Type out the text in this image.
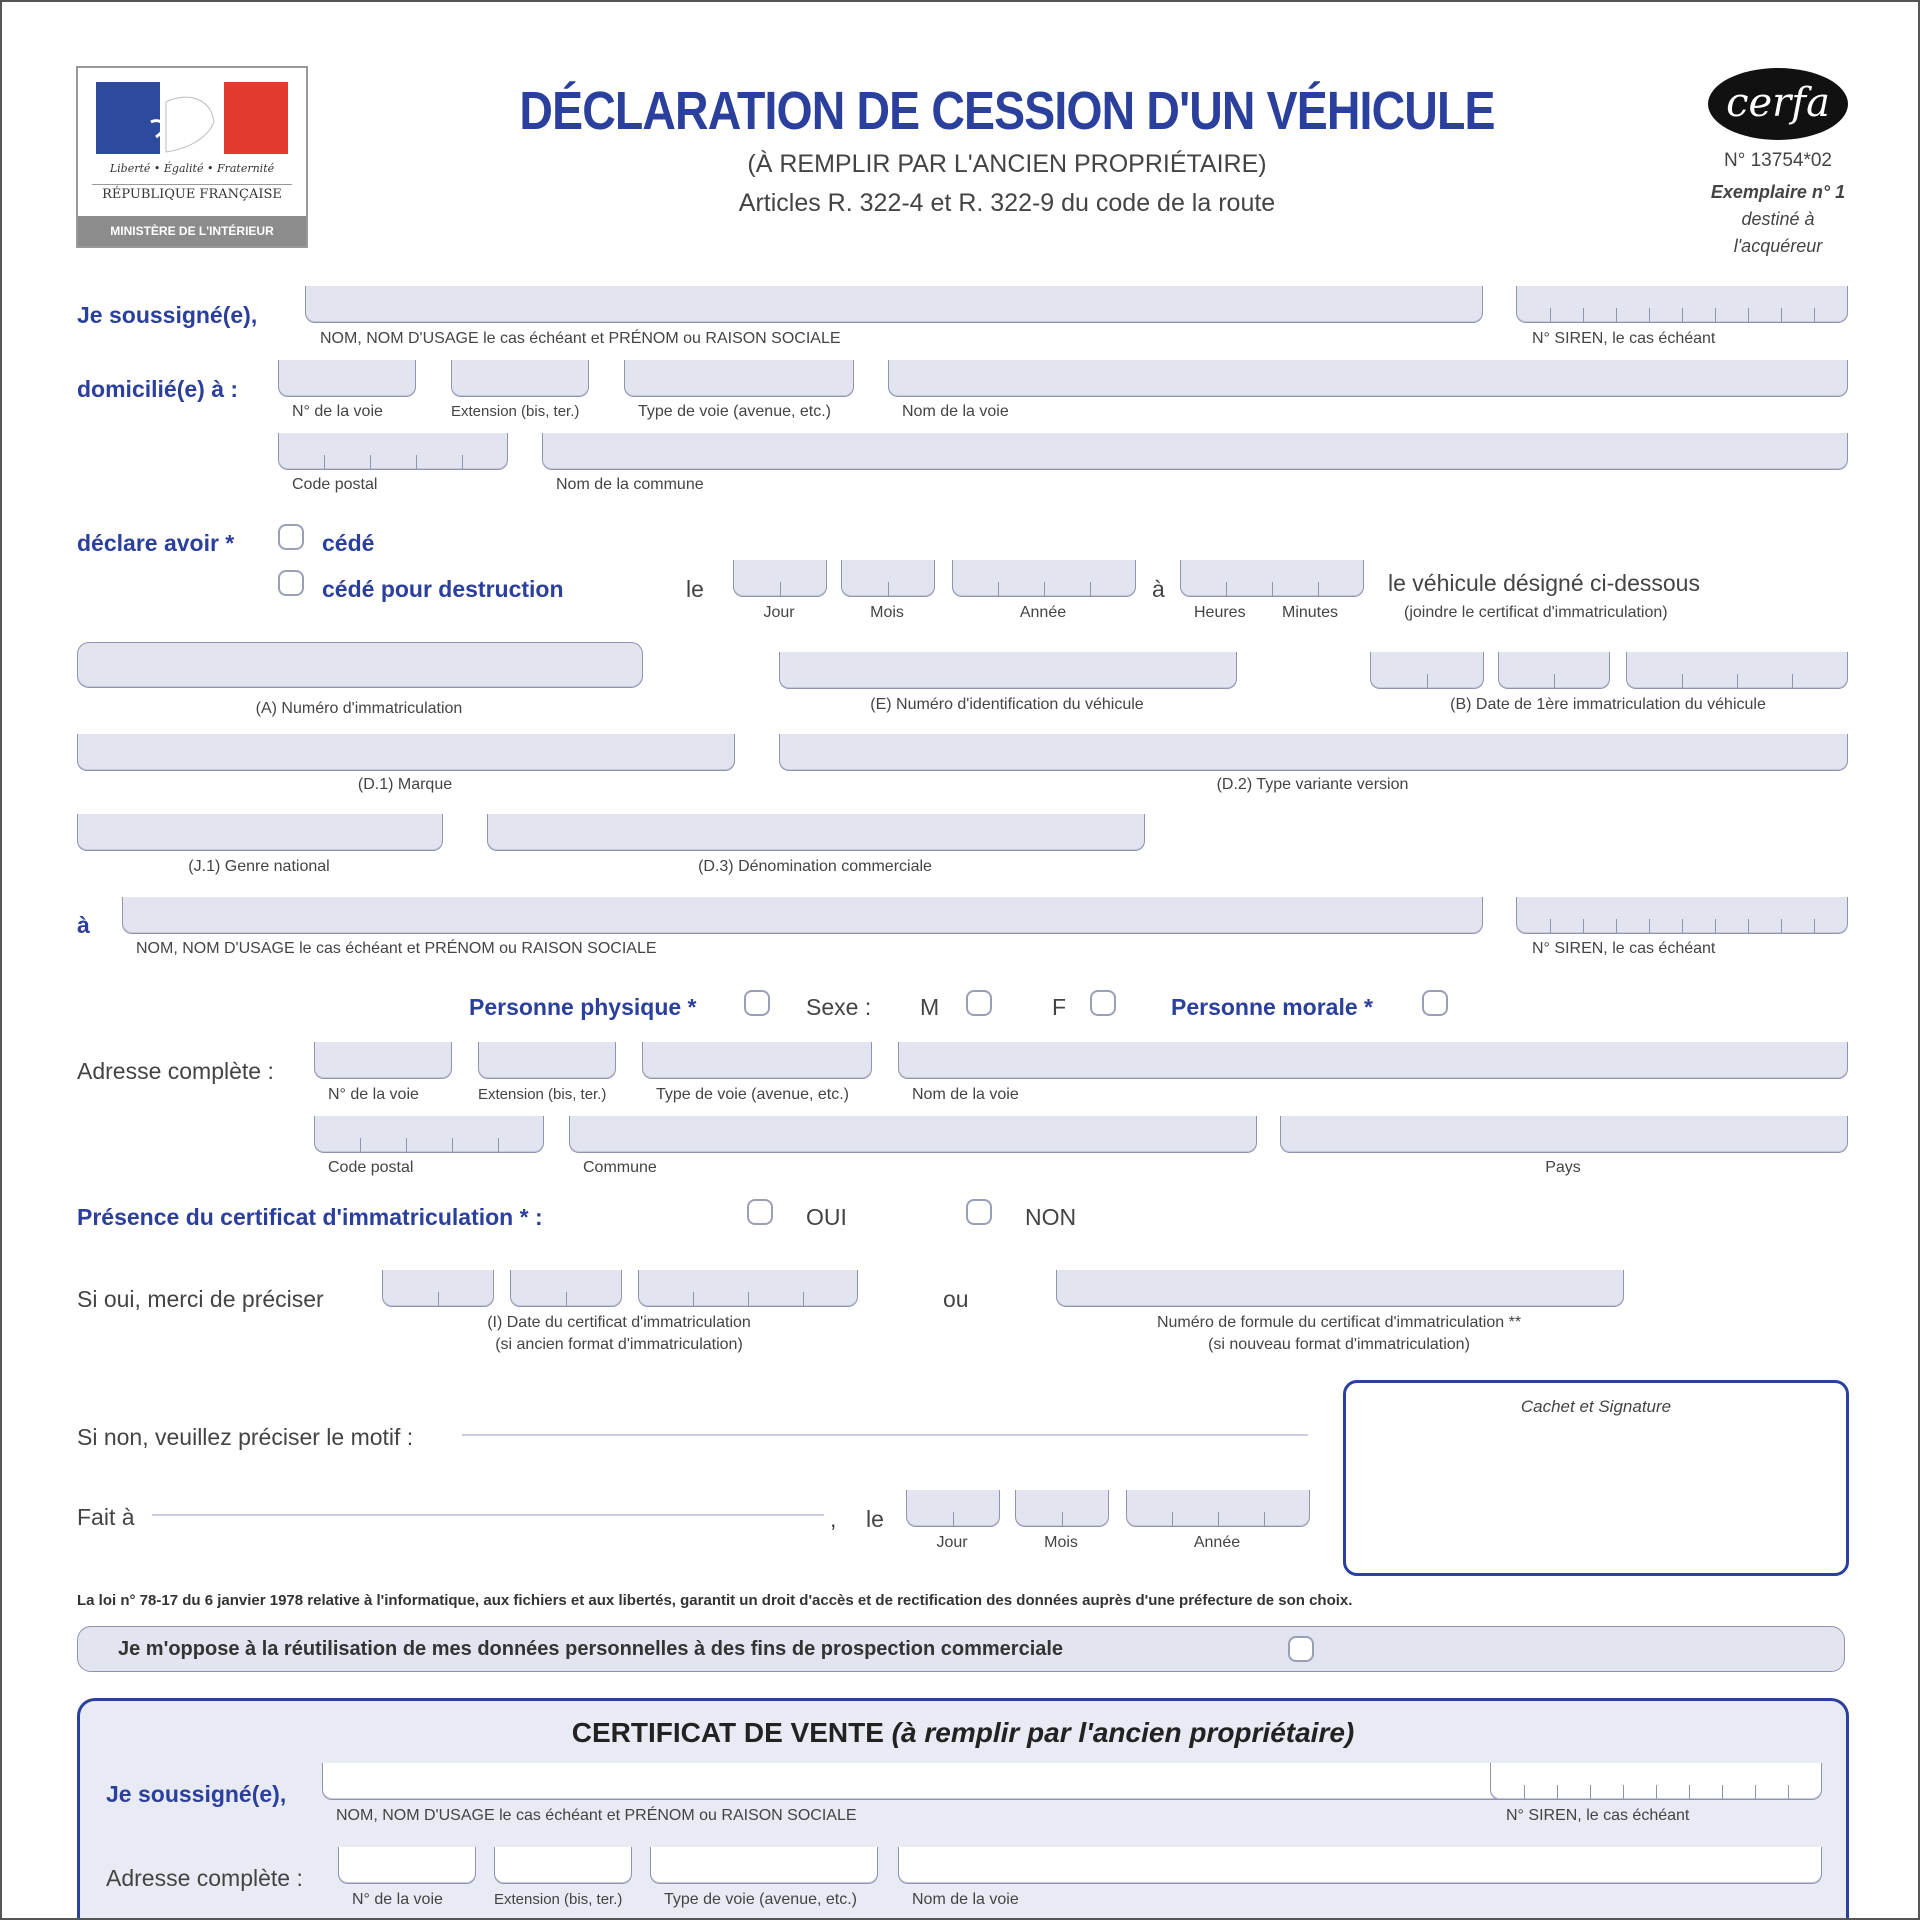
Liberté • Égalité • Fraternité
RÉPUBLIQUE FRANÇAISE
MINISTÈRE DE L'INTÉRIEUR
DÉCLARATION DE CESSION D'UN VÉHICULE
(À REMPLIR PAR L'ANCIEN PROPRIÉTAIRE)
Articles R. 322-4 et R. 322-9 du code de la route
cerfa
N° 13754*02
Exemplaire n° 1
destiné à
l'acquéreur
Je soussigné(e),
NOM, NOM D'USAGE le cas échéant et PRÉNOM ou RAISON SOCIALE	N° SIREN, le cas échéant
domicilié(e) à :
N° de la voie	Extension (bis, ter.)	Type de voie (avenue, etc.)	Nom de la voie
Code postal	Nom de la commune
déclare avoir *	cédé
cédé pour destruction	le
Jour	Mois	Année
à
Heures Minutes
le véhicule désigné ci-dessous
(joindre le certificat d'immatriculation)
(A) Numéro d'immatriculation	(E) Numéro d'identification du véhicule	(B) Date de 1ère immatriculation du véhicule
(D.1) Marque	(D.2) Type variante version
(J.1) Genre national	(D.3) Dénomination commerciale
à
NOM, NOM D'USAGE le cas échéant et PRÉNOM ou RAISON SOCIALE	N° SIREN, le cas échéant
Personne physique *	Sexe : M	F	Personne morale *
Adresse complète :
N° de la voie	Extension (bis, ter.)	Type de voie (avenue, etc.)	Nom de la voie
Code postal	Commune	Pays
Présence du certificat d'immatriculation * :	OUI	NON
Si oui, merci de préciser
(I) Date du certificat d'immatriculation
(si ancien format d'immatriculation)
ou
Numéro de formule du certificat d'immatriculation **
(si nouveau format d'immatriculation)
Si non, veuillez préciser le motif :
Fait à	, le
Jour	Mois	Année
Cachet et Signature
La loi n° 78-17 du 6 janvier 1978 relative à l'informatique, aux fichiers et aux libertés, garantit un droit d'accès et de rectification des données auprès d'une préfecture de son choix.
Je m'oppose à la réutilisation de mes données personnelles à des fins de prospection commerciale
CERTIFICAT DE VENTE (à remplir par l'ancien propriétaire)
Je soussigné(e),
NOM, NOM D'USAGE le cas échéant et PRÉNOM ou RAISON SOCIALE	N° SIREN, le cas échéant
Adresse complète :
N° de la voie	Extension (bis, ter.)	Type de voie (avenue, etc.)	Nom de la voie
